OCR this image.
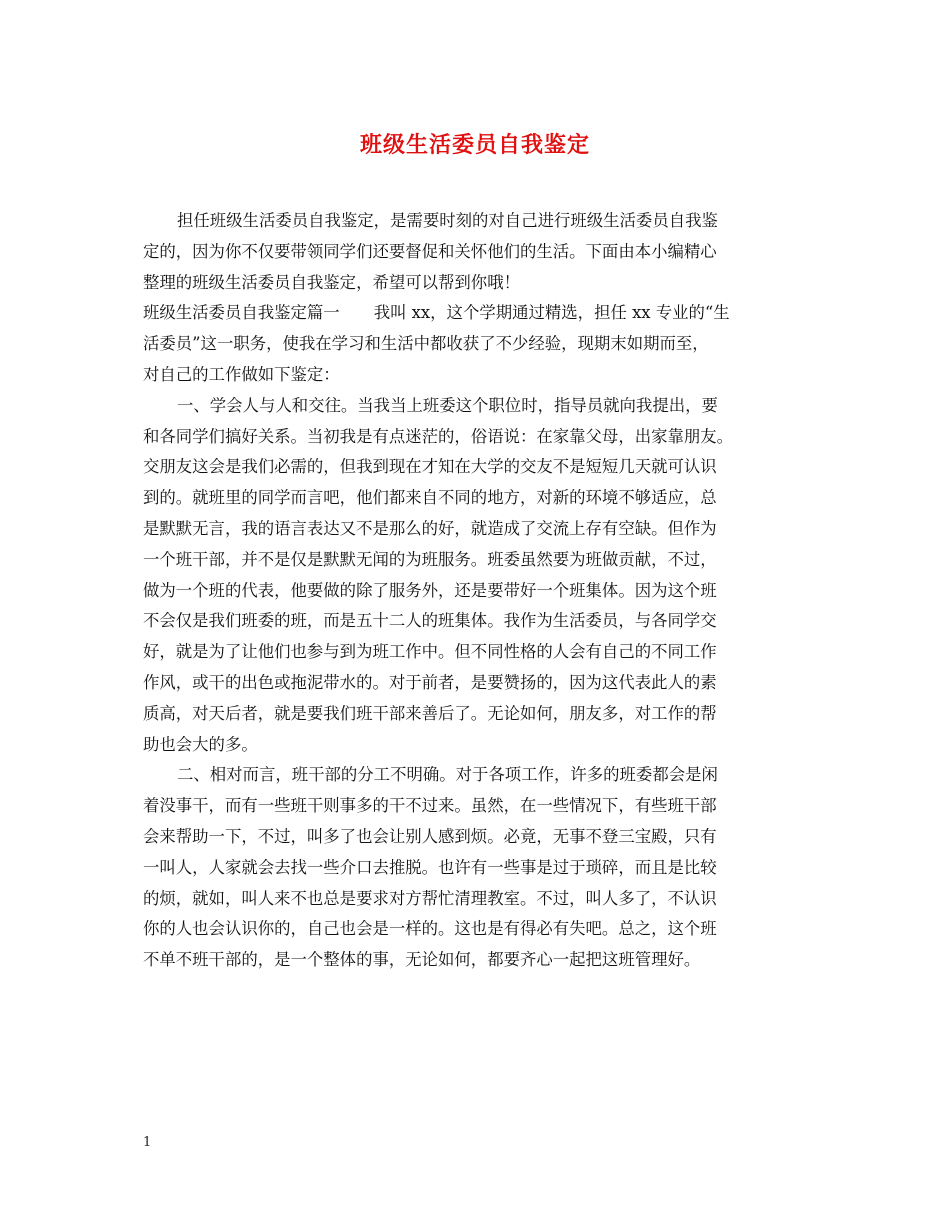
班级生活委员自我鉴定
担任班级生活委员自我鉴定，是需要时刻的对自己进行班级生活委员自我鉴
定的，因为你不仅要带领同学们还要督促和关怀他们的生活。下面由本小编精心
整理的班级生活委员自我鉴定，希望可以帮到你哦！
班级生活委员自我鉴定篇一 我叫 xx，这个学期通过精选，担任 xx 专业的“生
活委员”这一职务，使我在学习和生活中都收获了不少经验，现期末如期而至，
对自己的工作做如下鉴定：
一、学会人与人和交往。当我当上班委这个职位时，指导员就向我提出，要
和各同学们搞好关系。当初我是有点迷茫的，俗语说：在家靠父母，出家靠朋友。
交朋友这会是我们必需的，但我到现在才知在大学的交友不是短短几天就可认识
到的。就班里的同学而言吧，他们都来自不同的地方，对新的环境不够适应，总
是默默无言，我的语言表达又不是那么的好，就造成了交流上存有空缺。但作为
一个班干部，并不是仅是默默无闻的为班服务。班委虽然要为班做贡献，不过，
做为一个班的代表，他要做的除了服务外，还是要带好一个班集体。因为这个班
不会仅是我们班委的班，而是五十二人的班集体。我作为生活委员，与各同学交
好，就是为了让他们也参与到为班工作中。但不同性格的人会有自己的不同工作
作风，或干的出色或拖泥带水的。对于前者，是要赞扬的，因为这代表此人的素
质高，对天后者，就是要我们班干部来善后了。无论如何，朋友多，对工作的帮
助也会大的多。
二、相对而言，班干部的分工不明确。对于各项工作，许多的班委都会是闲
着没事干，而有一些班干则事多的干不过来。虽然，在一些情况下，有些班干部
会来帮助一下，不过，叫多了也会让别人感到烦。必竟，无事不登三宝殿，只有
一叫人，人家就会去找一些介口去推脱。也许有一些事是过于琐碎，而且是比较
的烦，就如，叫人来不也总是要求对方帮忙清理教室。不过，叫人多了，不认识
你的人也会认识你的，自己也会是一样的。这也是有得必有失吧。总之，这个班
不单不班干部的，是一个整体的事，无论如何，都要齐心一起把这班管理好。
1
